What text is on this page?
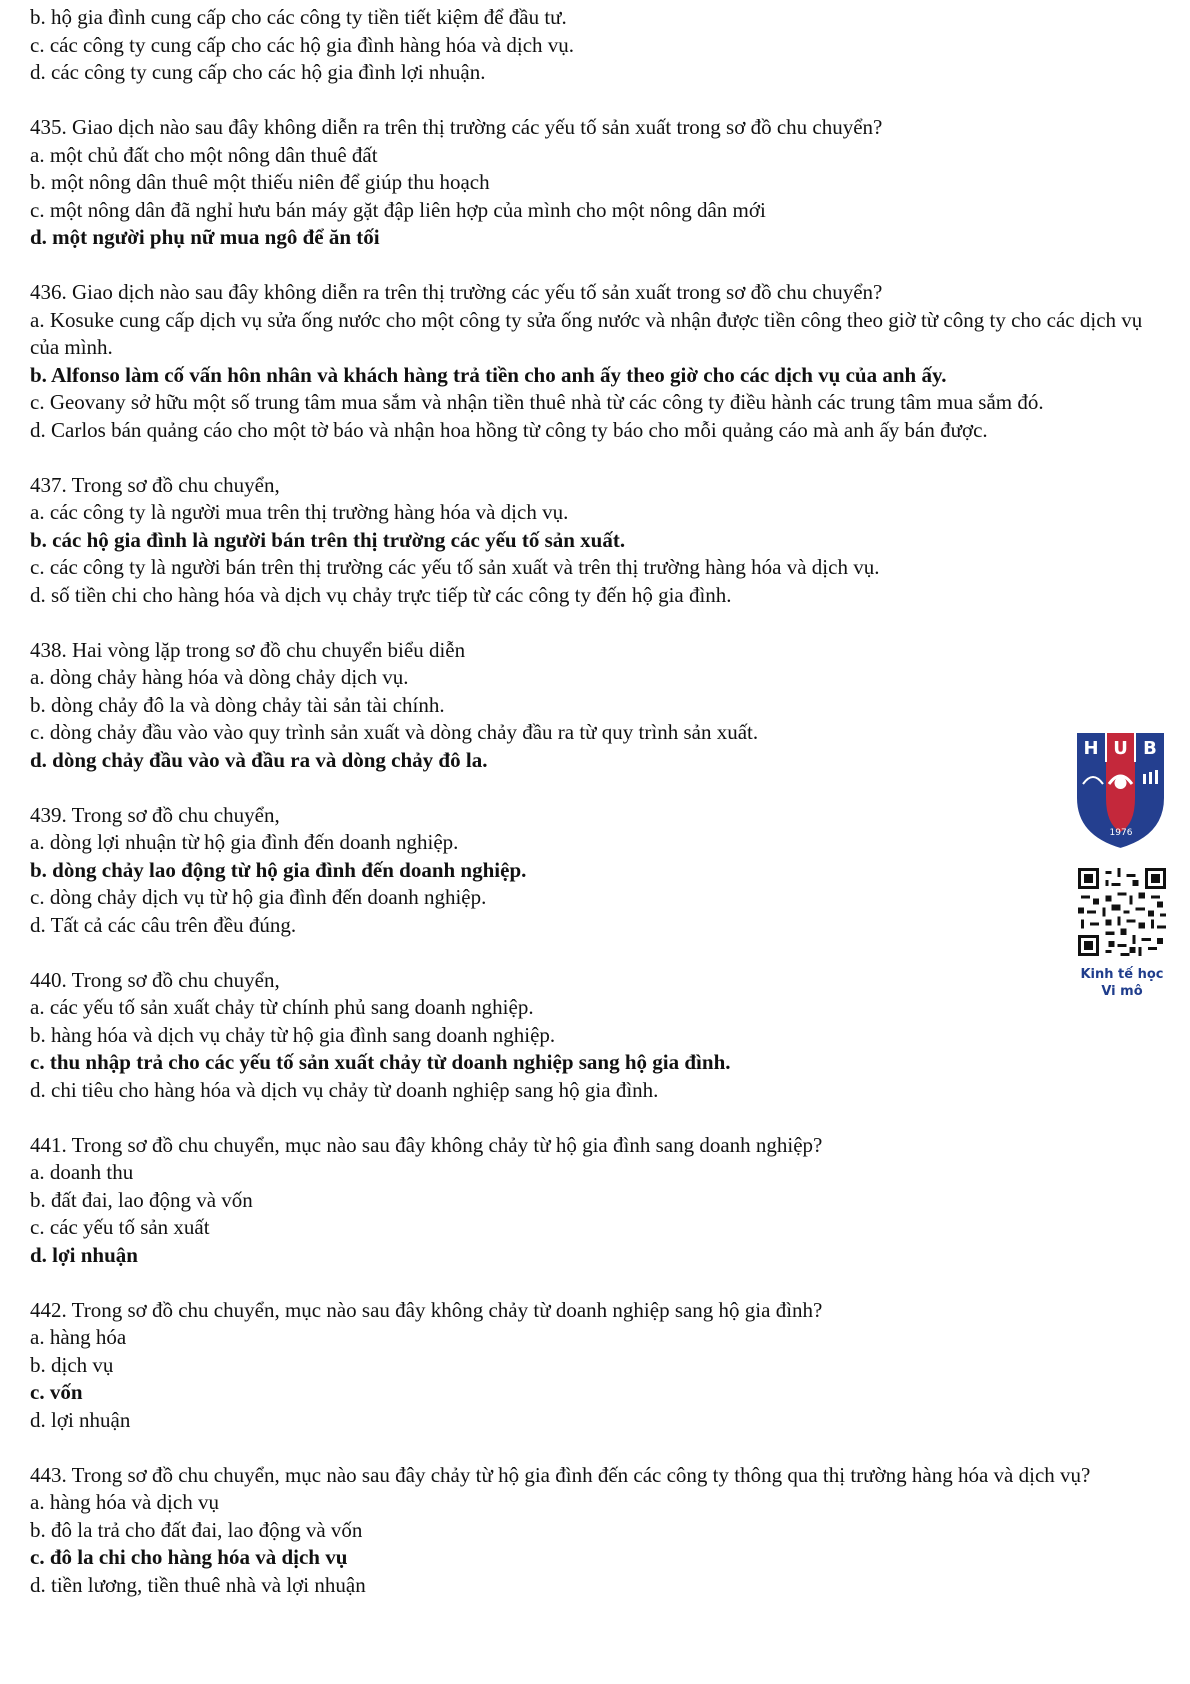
b. hộ gia đình cung cấp cho các công ty tiền tiết kiệm để đầu tư.

c. các công ty cung cấp cho các hộ gia đình hàng hóa và dịch vụ.

d. các công ty cung cấp cho các hộ gia đình lợi nhuận.

435. Giao dịch nào sau đây không diễn ra trên thị trường các yếu tố sản xuất trong sơ đồ chu chuyển?

a. một chủ đất cho một nông dân thuê đất

b. một nông dân thuê một thiếu niên để giúp thu hoạch

c. một nông dân đã nghỉ hưu bán máy gặt đập liên hợp của mình cho một nông dân mới

d. một người phụ nữ mua ngô để ăn tối

436. Giao dịch nào sau đây không diễn ra trên thị trường các yếu tố sản xuất trong sơ đồ chu chuyển?

a. Kosuke cung cấp dịch vụ sửa ống nước cho một công ty sửa ống nước và nhận được tiền công theo giờ từ công ty cho các dịch vụ của mình.

b. Alfonso làm cố vấn hôn nhân và khách hàng trả tiền cho anh ấy theo giờ cho các dịch vụ của anh ấy.

c. Geovany sở hữu một số trung tâm mua sắm và nhận tiền thuê nhà từ các công ty điều hành các trung tâm mua sắm đó.

d. Carlos bán quảng cáo cho một tờ báo và nhận hoa hồng từ công ty báo cho mỗi quảng cáo mà anh ấy bán được.

437. Trong sơ đồ chu chuyển,

a. các công ty là người mua trên thị trường hàng hóa và dịch vụ.

b. các hộ gia đình là người bán trên thị trường các yếu tố sản xuất.

c. các công ty là người bán trên thị trường các yếu tố sản xuất và trên thị trường hàng hóa và dịch vụ.

d. số tiền chi cho hàng hóa và dịch vụ chảy trực tiếp từ các công ty đến hộ gia đình.

438. Hai vòng lặp trong sơ đồ chu chuyển biểu diễn

a. dòng chảy hàng hóa và dòng chảy dịch vụ.

b. dòng chảy đô la và dòng chảy tài sản tài chính.

c. dòng chảy đầu vào vào quy trình sản xuất và dòng chảy đầu ra từ quy trình sản xuất.

d. dòng chảy đầu vào và đầu ra và dòng chảy đô la.

439. Trong sơ đồ chu chuyển,

a. dòng lợi nhuận từ hộ gia đình đến doanh nghiệp.

b. dòng chảy lao động từ hộ gia đình đến doanh nghiệp.

c. dòng chảy dịch vụ từ hộ gia đình đến doanh nghiệp.

d. Tất cả các câu trên đều đúng.

440. Trong sơ đồ chu chuyển,

a. các yếu tố sản xuất chảy từ chính phủ sang doanh nghiệp.

b. hàng hóa và dịch vụ chảy từ hộ gia đình sang doanh nghiệp.

c. thu nhập trả cho các yếu tố sản xuất chảy từ doanh nghiệp sang hộ gia đình.

d. chi tiêu cho hàng hóa và dịch vụ chảy từ doanh nghiệp sang hộ gia đình.

441. Trong sơ đồ chu chuyển, mục nào sau đây không chảy từ hộ gia đình sang doanh nghiệp?

a. doanh thu

b. đất đai, lao động và vốn

c. các yếu tố sản xuất

d. lợi nhuận

442. Trong sơ đồ chu chuyển, mục nào sau đây không chảy từ doanh nghiệp sang hộ gia đình?

a. hàng hóa

b. dịch vụ

c. vốn

d. lợi nhuận

443. Trong sơ đồ chu chuyển, mục nào sau đây chảy từ hộ gia đình đến các công ty thông qua thị trường hàng hóa và dịch vụ?

a. hàng hóa và dịch vụ

b. đô la trả cho đất đai, lao động và vốn

c. đô la chi cho hàng hóa và dịch vụ

d. tiền lương, tiền thuê nhà và lợi nhuận

H U B
1976
Kinh tế học
Vi mô
